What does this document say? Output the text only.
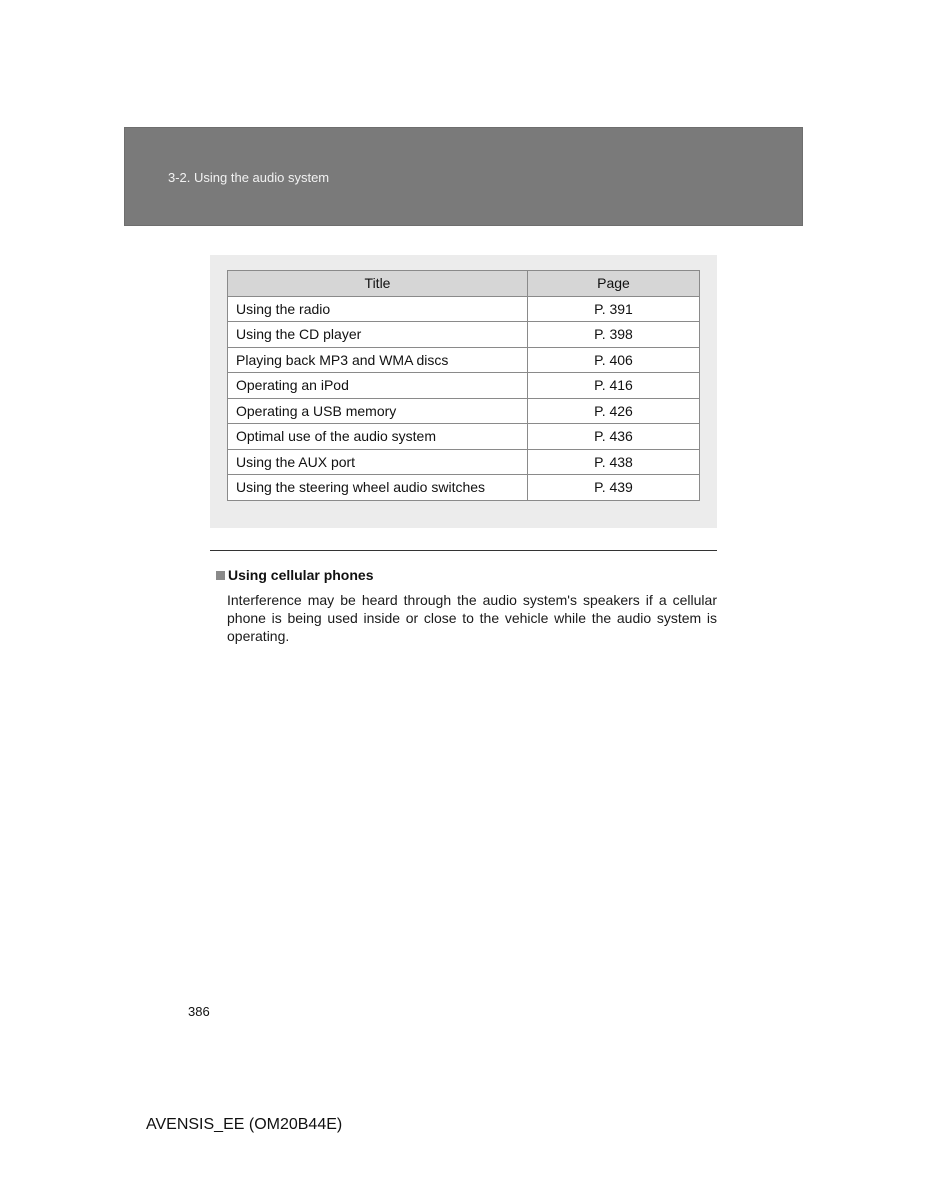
3-2. Using the audio system
Title	Page
Using the radio	P. 391
Using the CD player	P. 398
Playing back MP3 and WMA discs	P. 406
Operating an iPod	P. 416
Operating a USB memory	P. 426
Optimal use of the audio system	P. 436
Using the AUX port	P. 438
Using the steering wheel audio switches	P. 439
Using cellular phones
Interference may be heard through the audio system's speakers if a cellular phone is being used inside or close to the vehicle while the audio system is operating.
386
AVENSIS_EE (OM20B44E)
